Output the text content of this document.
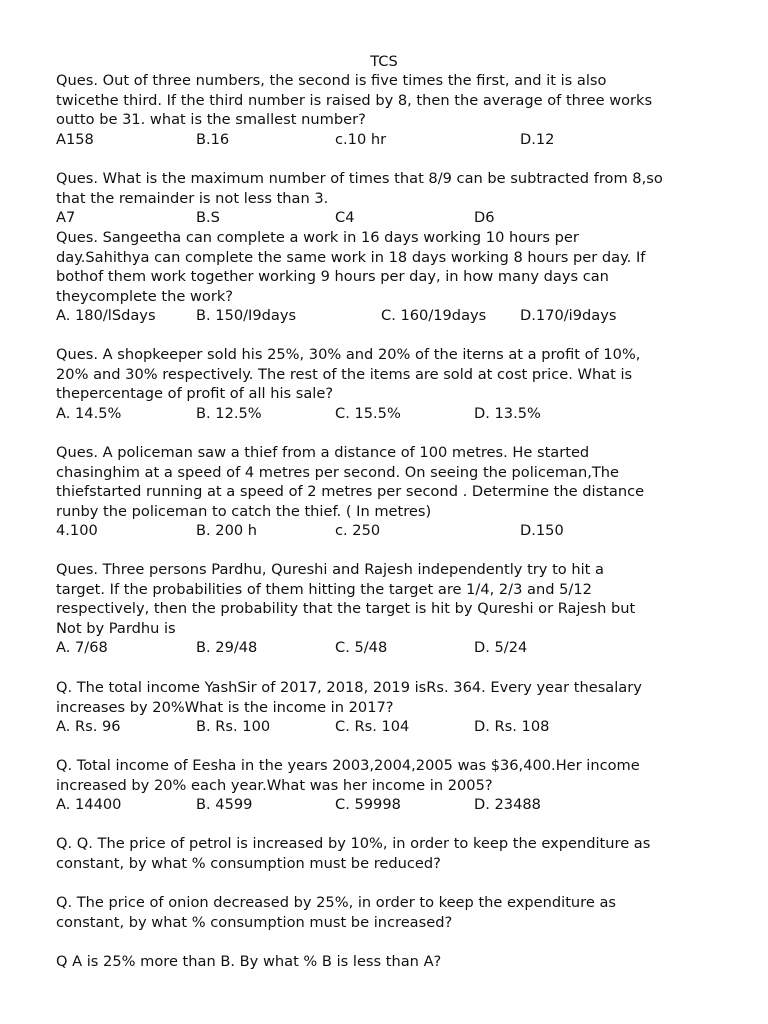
TCS
Ques. Out of three numbers, the second is five times the first, and it is also
twicethe third. If the third number is raised by 8, then the average of three works
outto be 31. what is the smallest number?
A158	B.16	c.10 hr	D.12
Ques. What is the maximum number of times that 8/9 can be subtracted from 8,so
that the remainder is not less than 3.
A7	B.S	C4	D6
Ques. Sangeetha can complete a work in 16 days working 10 hours per
day.Sahithya can complete the same work in 18 days working 8 hours per day. If
bothof them work together working 9 hours per day, in how many days can
theycomplete the work?
A. 180/lSdays	B. 150/I9days	C. 160/19days D.170/i9days
Ques. A shopkeeper sold his 25%, 30% and 20% of the iterns at a profit of 10%,
20% and 30% respectively. The rest of the items are sold at cost price. What is
thepercentage of profit of all his sale?
A. 14.5%	B. 12.5%	C. 15.5%	D. 13.5%
Ques. A policeman saw a thief from a distance of 100 metres. He started
chasinghim at a speed of 4 metres per second. On seeing the policeman,The
thiefstarted running at a speed of 2 metres per second . Determine the distance
runby the policeman to catch the thief. ( In metres)
4.100	B. 200 h	c. 250	D.150
Ques. Three persons Pardhu, Qureshi and Rajesh independently try to hit a
target. If the probabilities of them hitting the target are 1/4, 2/3 and 5/12
respectively, then the probability that the target is hit by Qureshi or Rajesh but
Not by Pardhu is
A. 7/68	B. 29/48	C. 5/48	D. 5/24
Q. The total income YashSir of 2017, 2018, 2019 isRs. 364. Every year thesalary
increases by 20%What is the income in 2017?
A. Rs. 96	B. Rs. 100	C. Rs. 104	D. Rs. 108
Q. Total income of Eesha in the years 2003,2004,2005 was $36,400.Her income
increased by 20% each year.What was her income in 2005?
A. 14400	B. 4599	C. 59998	D. 23488
Q. Q. The price of petrol is increased by 10%, in order to keep the expenditure as
constant, by what % consumption must be reduced?
Q. The price of onion decreased by 25%, in order to keep the expenditure as
constant, by what % consumption must be increased?
Q A is 25% more than B. By what % B is less than A?
